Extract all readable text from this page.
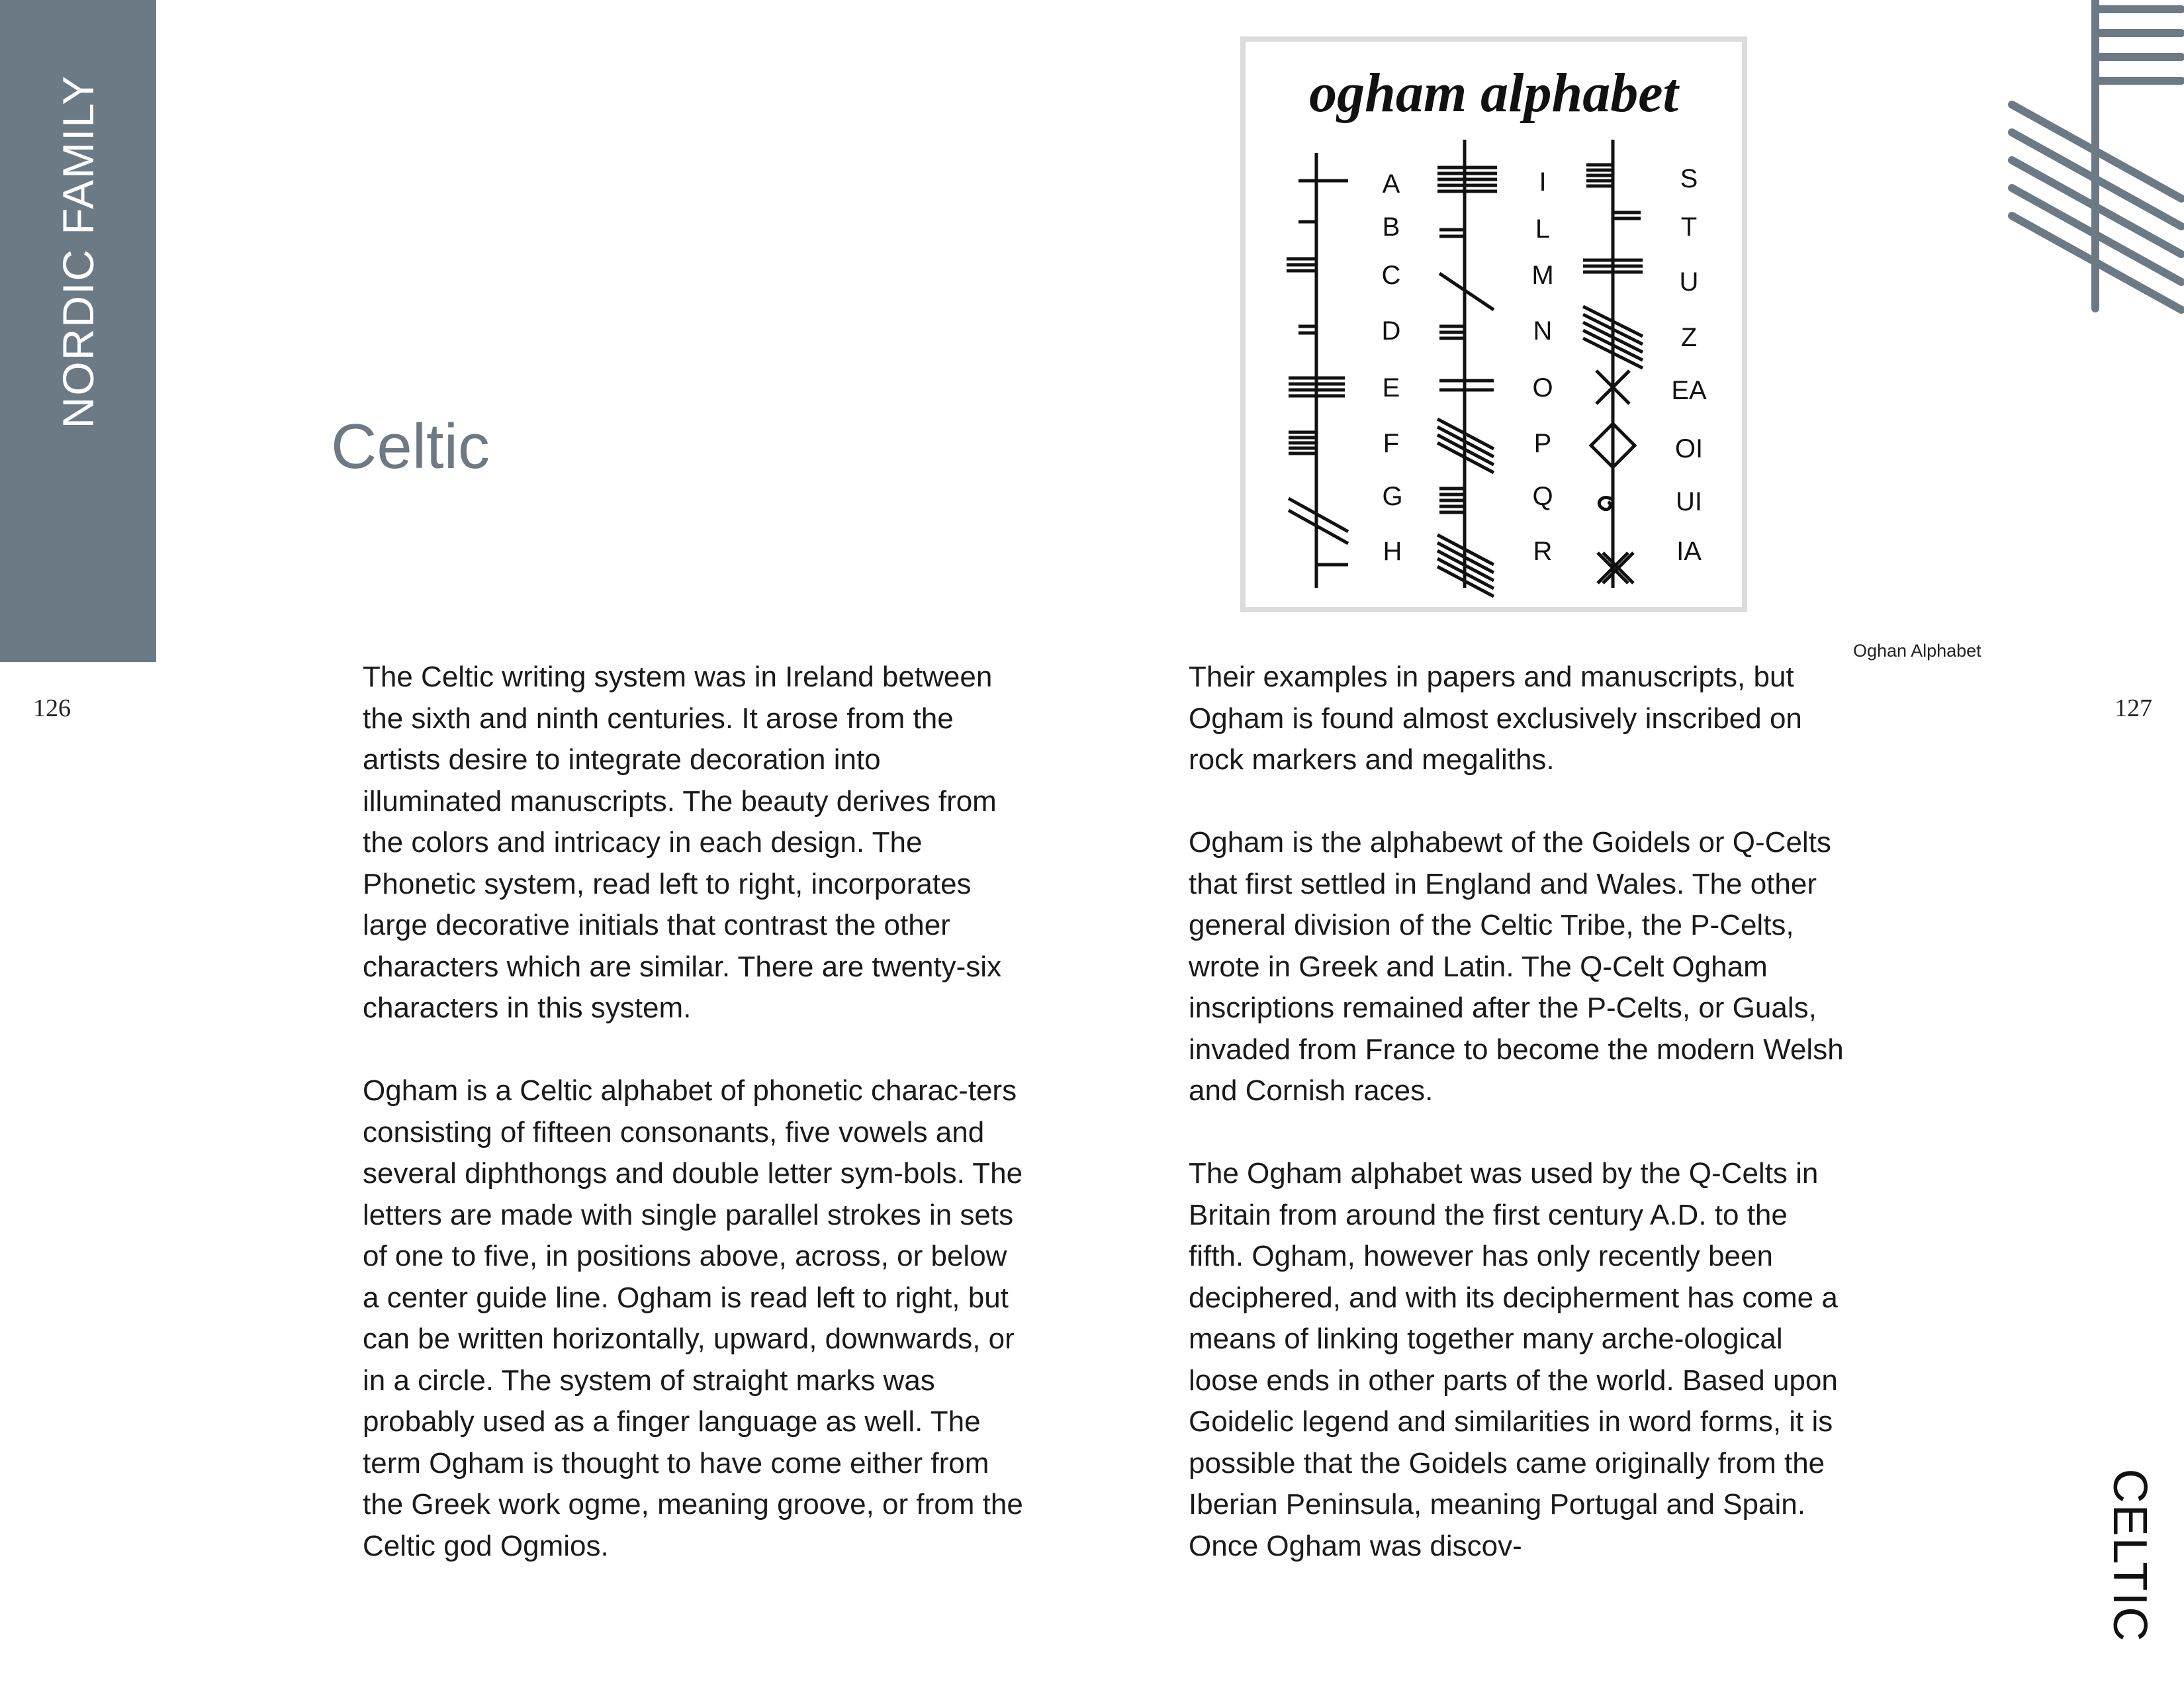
NORDIC FAMILY
126	127
Celtic

The Celtic writing system was in Ireland between the sixth and ninth centuries. It arose from the artists desire to integrate decoration into illuminated manuscripts. The beauty derives from the colors and intricacy in each design. The Phonetic system, read left to right, incorporates large decorative initials that contrast the other characters which are similar. There are twenty-six characters in this system.

Ogham is a Celtic alphabet of phonetic charac-ters consisting of fifteen consonants, five vowels and several diphthongs and double letter sym-bols. The letters are made with single parallel strokes in sets of one to five, in positions above, across, or below a center guide line. Ogham is read left to right, but can be written horizontally, upward, downwards, or in a circle. The system of straight marks was probably used as a finger language as well. The term Ogham is thought to have come either from the Greek work ogme, meaning groove, or from the Celtic god Ogmios.

Their examples in papers and manuscripts, but Ogham is found almost exclusively inscribed on rock markers and megaliths.

Ogham is the alphabewt of the Goidels or Q-Celts that first settled in England and Wales. The other general division of the Celtic Tribe, the P-Celts, wrote in Greek and Latin. The Q-Celt Ogham inscriptions remained after the P-Celts, or Guals, invaded from France to become the modern Welsh and Cornish races.

The Ogham alphabet was used by the Q-Celts in Britain from around the first century A.D. to the fifth. Ogham, however has only recently been deciphered, and with its decipherment has come a means of linking together many arche-ological loose ends in other parts of the world. Based upon Goidelic legend and similarities in word forms, it is possible that the Goidels came originally from the Iberian Peninsula, meaning Portugal and Spain. Once Ogham was discov-

ogham alphabet
A
B
C
D
E
F
G
H
I
L
M
N
O
P
Q
R
S
T
U
Z
EA
OI
UI
IA
Oghan Alphabet
CELTIC
